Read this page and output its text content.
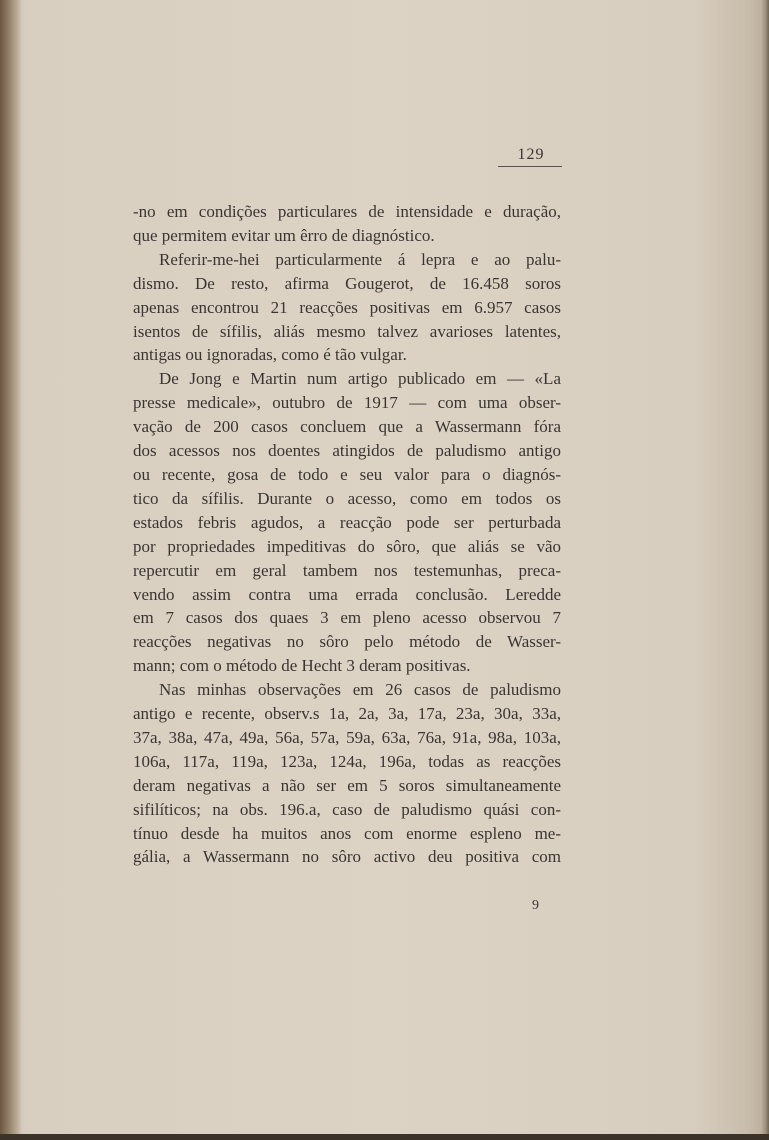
129

-no em condições particulares de intensidade e duração,

que permitem evitar um êrro de diagnóstico.

Referir-me-hei particularmente á lepra e ao palu-

dismo. De resto, afirma Gougerot, de 16.458 soros

apenas encontrou 21 reacções positivas em 6.957 casos

isentos de sífilis, aliás mesmo talvez avarioses latentes,

antigas ou ignoradas, como é tão vulgar.

De Jong e Martin num artigo publicado em — «La

presse medicale», outubro de 1917 — com uma obser-

vação de 200 casos concluem que a Wassermann fóra

dos acessos nos doentes atingidos de paludismo antigo

ou recente, gosa de todo e seu valor para o diagnós-

tico da sífilis. Durante o acesso, como em todos os

estados febris agudos, a reacção pode ser perturbada

por propriedades impeditivas do sôro, que aliás se vão

repercutir em geral tambem nos testemunhas, preca-

vendo assim contra uma errada conclusão. Leredde

em 7 casos dos quaes 3 em pleno acesso observou 7

reacções negativas no sôro pelo método de Wasser-

mann; com o método de Hecht 3 deram positivas.

Nas minhas observações em 26 casos de paludismo

antigo e recente, observ.s 1a, 2a, 3a, 17a, 23a, 30a, 33a,

37a, 38a, 47a, 49a, 56a, 57a, 59a, 63a, 76a, 91a, 98a, 103a,

106a, 117a, 119a, 123a, 124a, 196a, todas as reacções

deram negativas a não ser em 5 soros simultaneamente

sifilíticos; na obs. 196.a, caso de paludismo quási con-

tínuo desde ha muitos anos com enorme espleno me-

gália, a Wassermann no sôro activo deu positiva com

9
